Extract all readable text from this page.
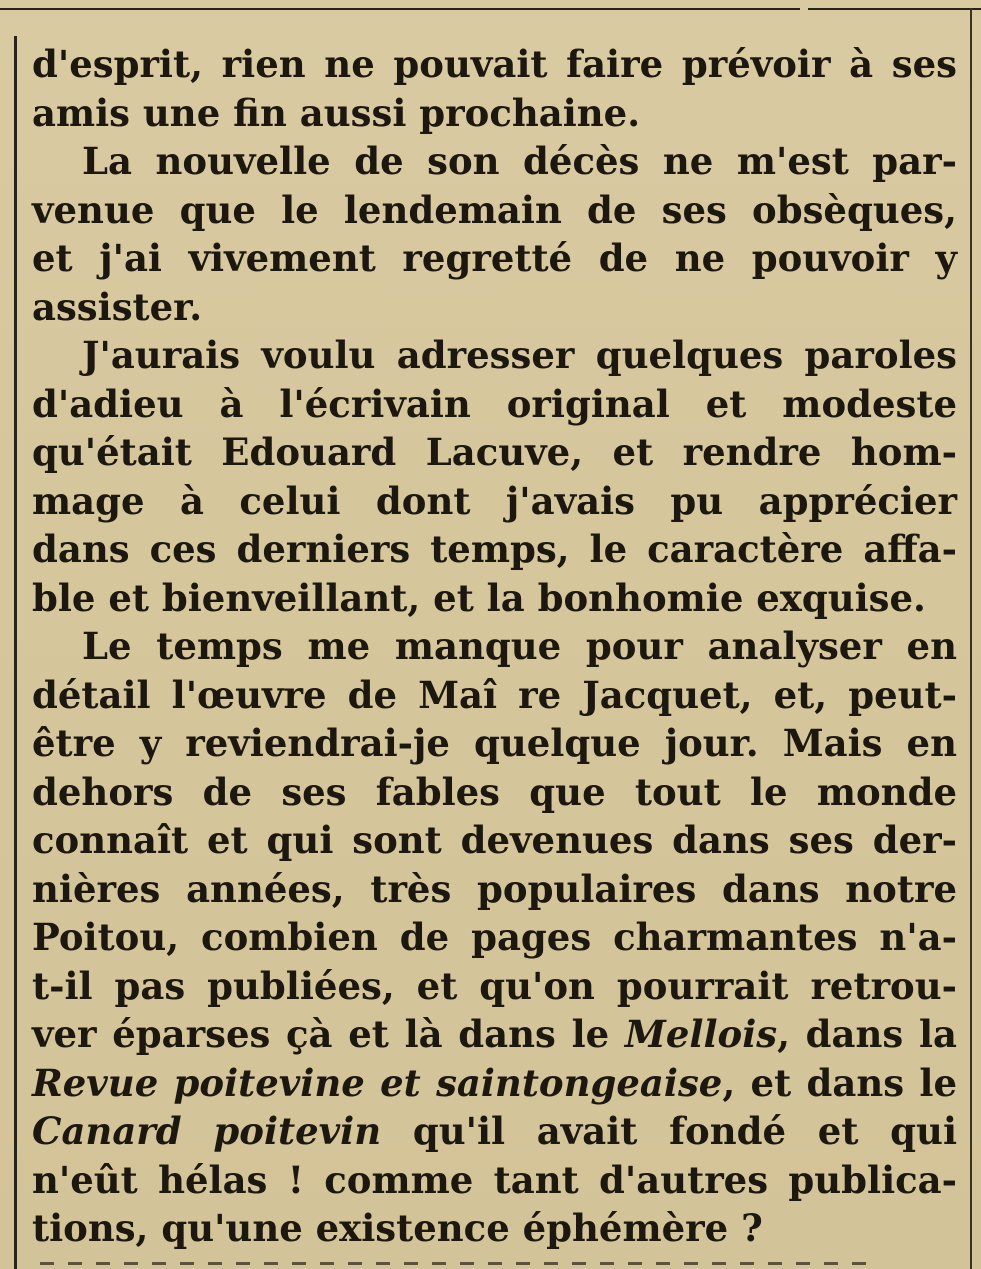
d'esprit, rien ne pouvait faire prévoir à ses
amis une fin aussi prochaine.
La nouvelle de son décès ne m'est par-
venue que le lendemain de ses obsèques,
et j'ai vivement regretté de ne pouvoir y
assister.
J'aurais voulu adresser quelques paroles
d'adieu à l'écrivain original et modeste
qu'était Edouard Lacuve, et rendre hom-
mage à celui dont j'avais pu apprécier
dans ces derniers temps, le caractère affa-
ble et bienveillant, et la bonhomie exquise.
Le temps me manque pour analyser en
détail l'œuvre de Maî re Jacquet, et, peut-
être y reviendrai-je quelque jour. Mais en
dehors de ses fables que tout le monde
connaît et qui sont devenues dans ses der-
nières années, très populaires dans notre
Poitou, combien de pages charmantes n'a-
t-il pas publiées, et qu'on pourrait retrou-
ver éparses çà et là dans le Mellois, dans la
Revue poitevine et saintongeaise, et dans le
Canard poitevin qu'il avait fondé et qui
n'eût hélas ! comme tant d'autres publica-
tions, qu'une existence éphémère ?
